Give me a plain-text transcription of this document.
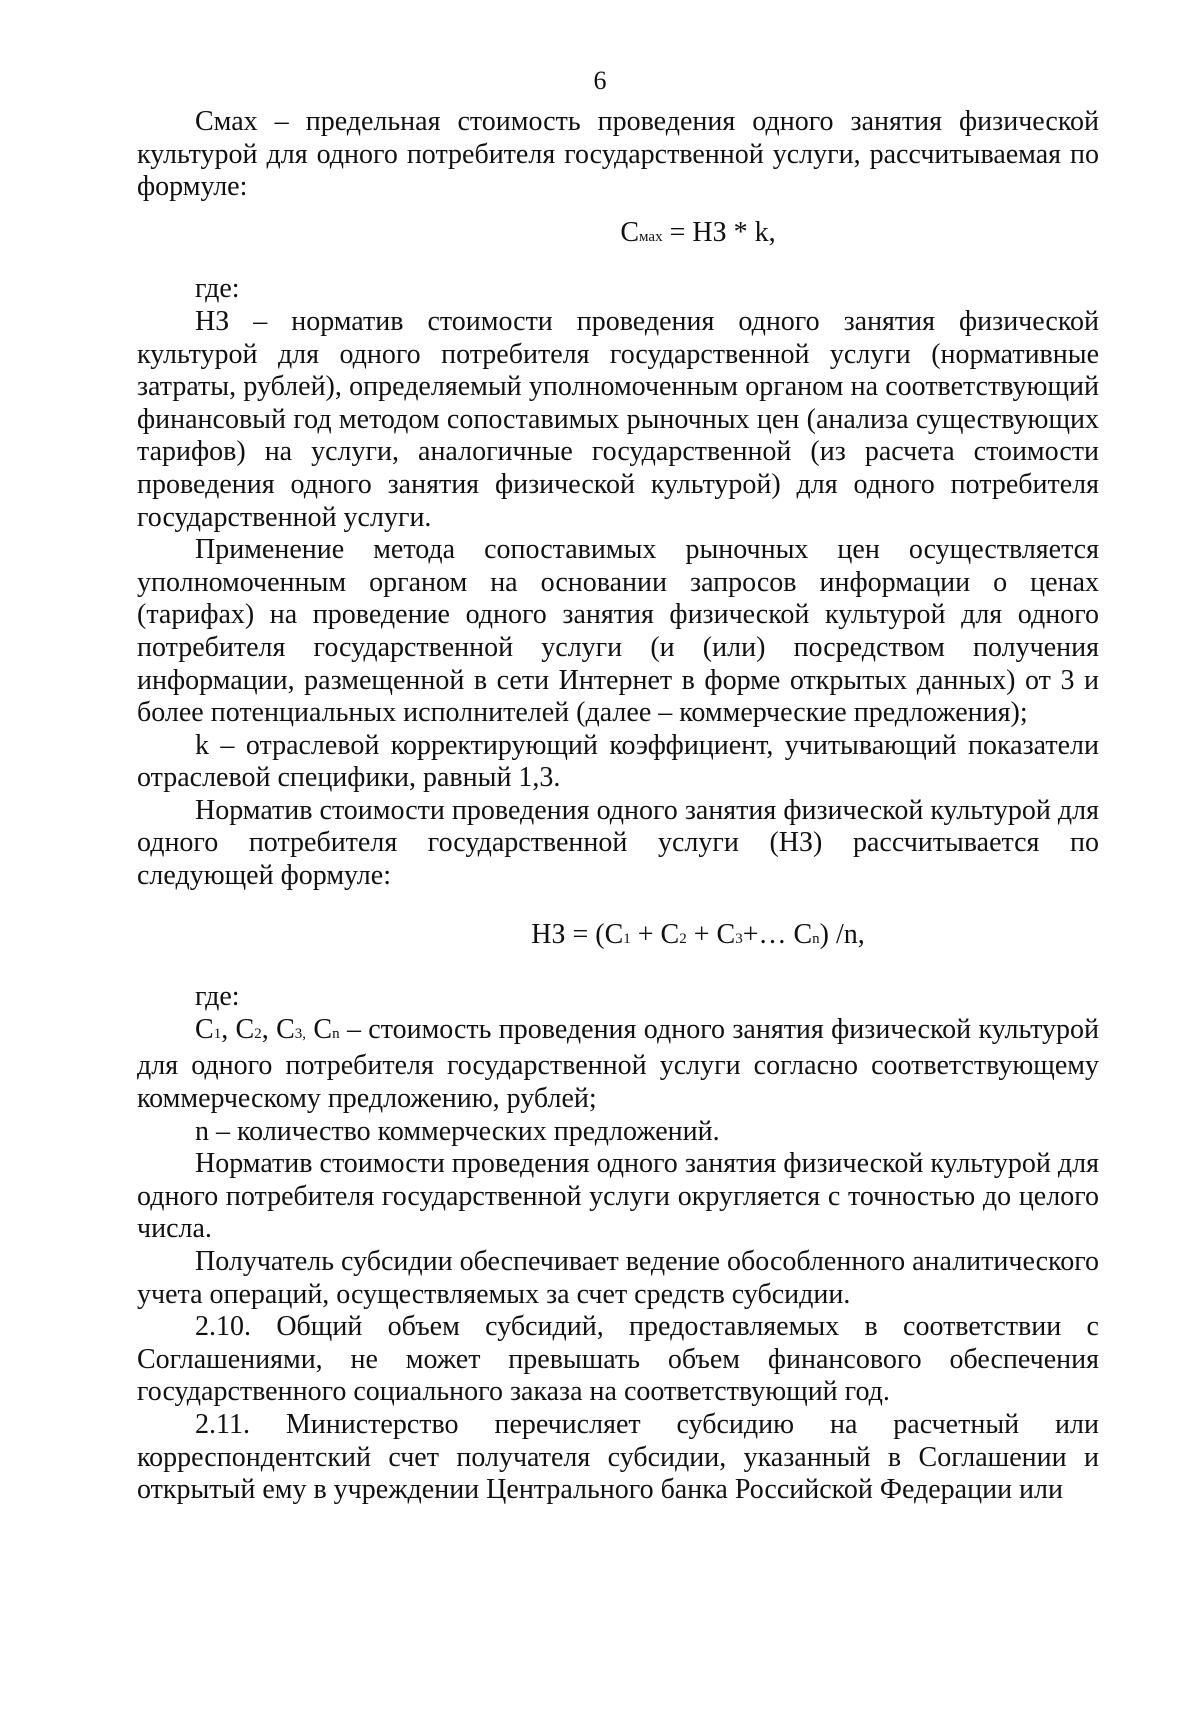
6

Смах – предельная стоимость проведения одного занятия физической культурой для одного потребителя государственной услуги, рассчитываемая по формуле:

Смах = НЗ * k,

где:

НЗ – норматив стоимости проведения одного занятия физической культурой для одного потребителя государственной услуги (нормативные затраты, рублей), определяемый уполномоченным органом на соответствующий финансовый год методом сопоставимых рыночных цен (анализа существующих тарифов) на услуги, аналогичные государственной (из расчета стоимости проведения одного занятия физической культурой) для одного потребителя государственной услуги.

Применение метода сопоставимых рыночных цен осуществляется уполномоченным органом на основании запросов информации о ценах (тарифах) на проведение одного занятия физической культурой для одного потребителя государственной услуги (и (или) посредством получения информации, размещенной в сети Интернет в форме открытых данных) от 3 и более потенциальных исполнителей (далее – коммерческие предложения);

k – отраслевой корректирующий коэффициент, учитывающий показатели отраслевой специфики, равный 1,3.

Норматив стоимости проведения одного занятия физической культурой для одного потребителя государственной услуги (НЗ) рассчитывается по следующей формуле:

НЗ = (С1 + С2 + С3+… Сn) /n,

где:

С1, С2, С3, Сn – стоимость проведения одного занятия физической культурой для одного потребителя государственной услуги согласно соответствующему коммерческому предложению, рублей;

n – количество коммерческих предложений.

Норматив стоимости проведения одного занятия физической культурой для одного потребителя государственной услуги округляется с точностью до целого числа.

Получатель субсидии обеспечивает ведение обособленного аналитического учета операций, осуществляемых за счет средств субсидии.

2.10. Общий объем субсидий, предоставляемых в соответствии с Соглашениями, не может превышать объем финансового обеспечения государственного социального заказа на соответствующий год.

2.11. Министерство перечисляет субсидию на расчетный или корреспондентский счет получателя субсидии, указанный в Соглашении и открытый ему в учреждении Центрального банка Российской Федерации или
